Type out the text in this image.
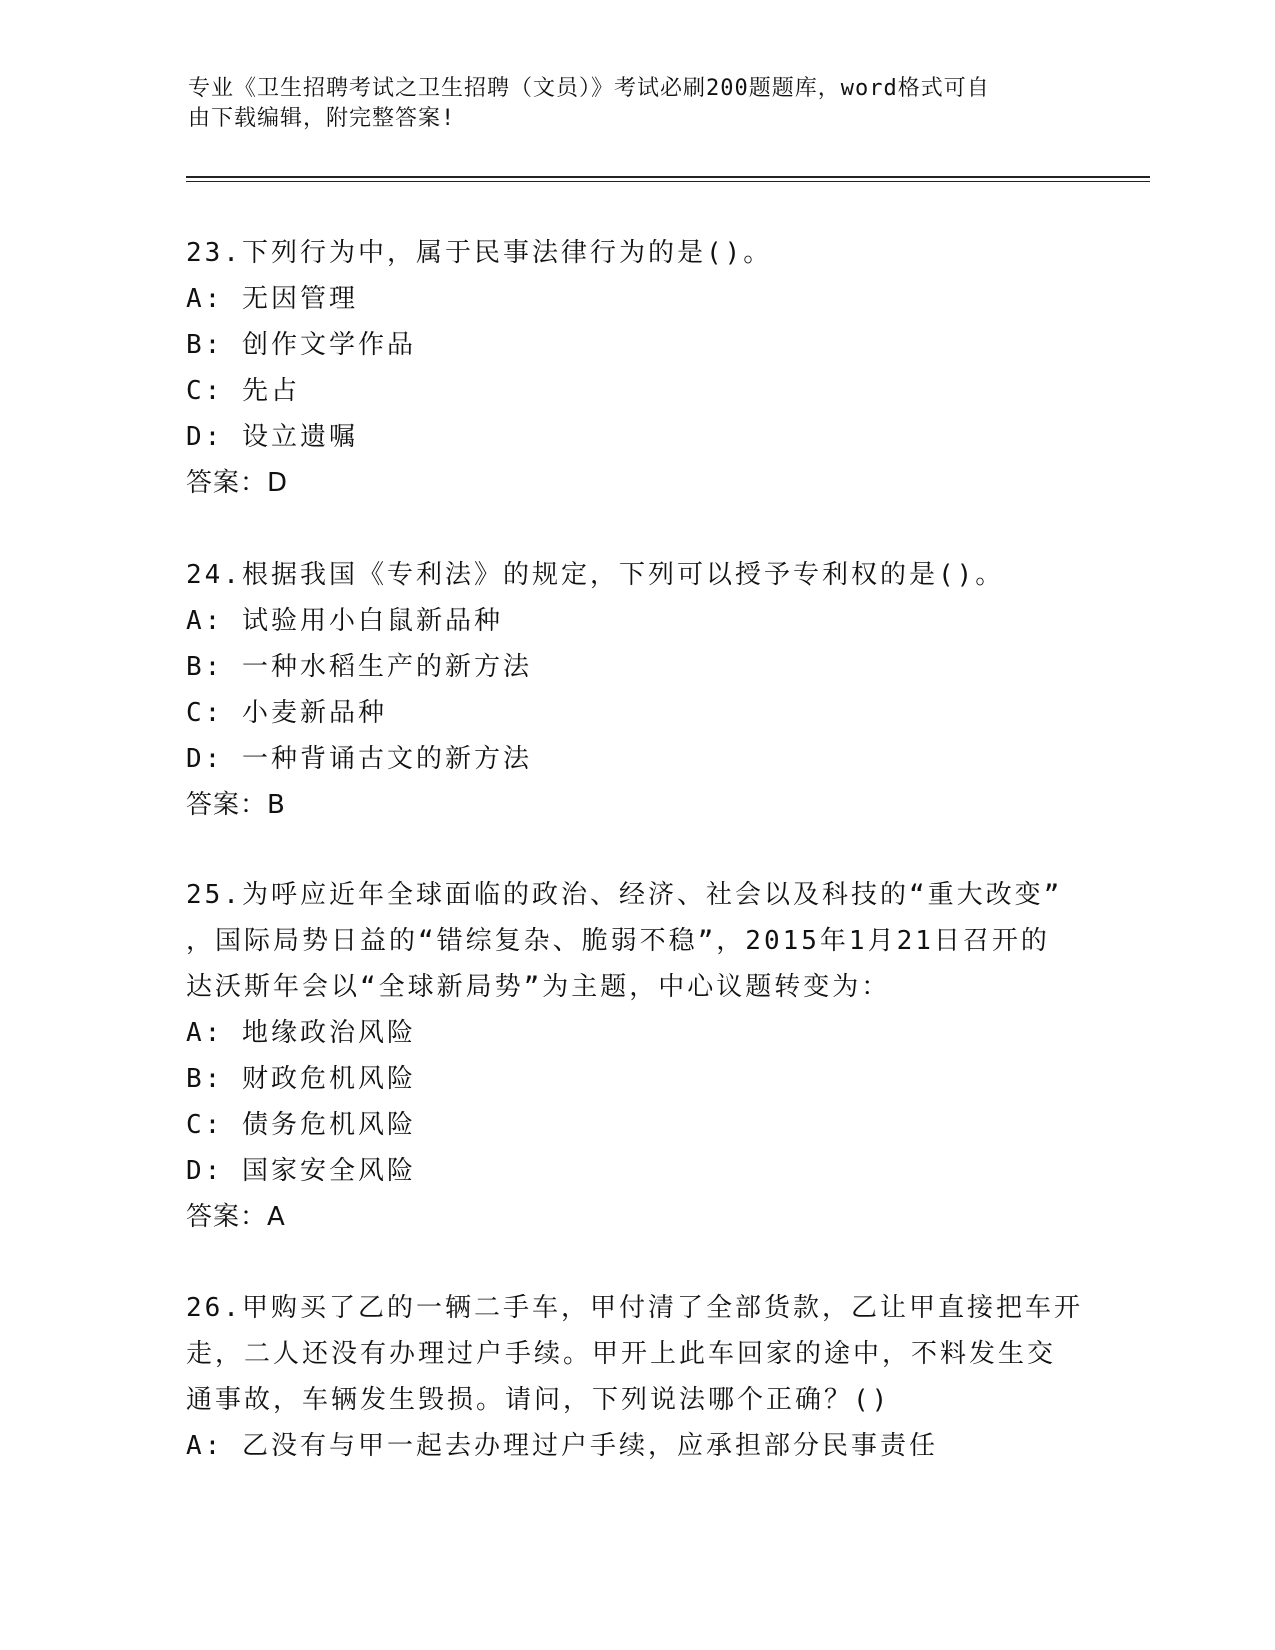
专业《卫生招聘考试之卫生招聘（文员）》考试必刷200题题库，word格式可自
由下载编辑，附完整答案!

23.下列行为中，属于民事法律行为的是()。

A: 无因管理

B: 创作文学作品

C: 先占

D: 设立遗嘱

答案：D

24.根据我国《专利法》的规定，下列可以授予专利权的是()。

A: 试验用小白鼠新品种

B: 一种水稻生产的新方法

C: 小麦新品种

D: 一种背诵古文的新方法

答案：B

25.为呼应近年全球面临的政治、经济、社会以及科技的“重大改变”

，国际局势日益的“错综复杂、脆弱不稳”，2015年1月21日召开的

达沃斯年会以“全球新局势”为主题，中心议题转变为：

A: 地缘政治风险

B: 财政危机风险

C: 债务危机风险

D: 国家安全风险

答案：A

26.甲购买了乙的一辆二手车，甲付清了全部货款，乙让甲直接把车开

走，二人还没有办理过户手续。甲开上此车回家的途中，不料发生交

通事故，车辆发生毁损。请问，下列说法哪个正确？()

A: 乙没有与甲一起去办理过户手续，应承担部分民事责任
